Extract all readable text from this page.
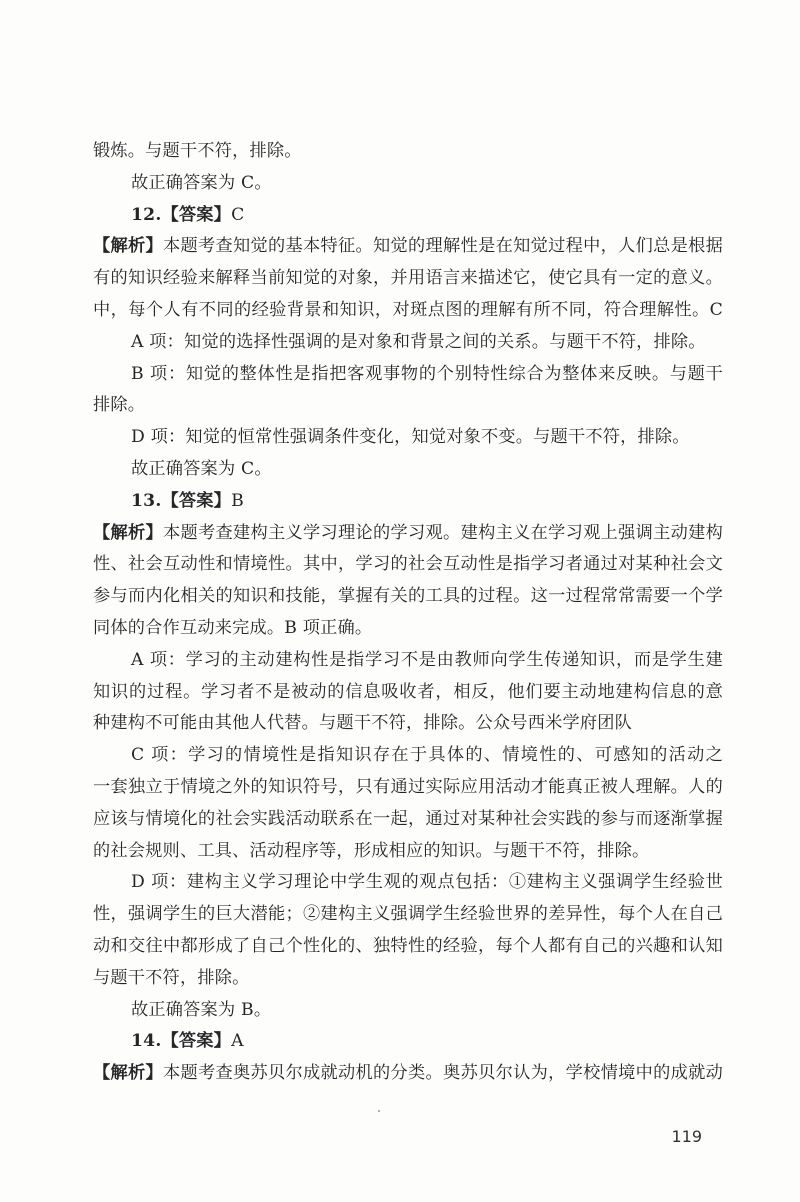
锻炼。与题干不符，排除。
故正确答案为 C。
12.【答案】C
【解析】本题考查知觉的基本特征。知觉的理解性是在知觉过程中，人们总是根据
有的知识经验来解释当前知觉的对象，并用语言来描述它，使它具有一定的意义。
中，每个人有不同的经验背景和知识，对斑点图的理解有所不同，符合理解性。C
A 项：知觉的选择性强调的是对象和背景之间的关系。与题干不符，排除。
B 项：知觉的整体性是指把客观事物的个别特性综合为整体来反映。与题干
排除。
D 项：知觉的恒常性强调条件变化，知觉对象不变。与题干不符，排除。
故正确答案为 C。
13.【答案】B
【解析】本题考查建构主义学习理论的学习观。建构主义在学习观上强调主动建构
性、社会互动性和情境性。其中，学习的社会互动性是指学习者通过对某种社会文
参与而内化相关的知识和技能，掌握有关的工具的过程。这一过程常常需要一个学
同体的合作互动来完成。B 项正确。
A 项：学习的主动建构性是指学习不是由教师向学生传递知识，而是学生建
知识的过程。学习者不是被动的信息吸收者，相反，他们要主动地建构信息的意
种建构不可能由其他人代替。与题干不符，排除。公众号西米学府团队
C 项：学习的情境性是指知识存在于具体的、情境性的、可感知的活动之
一套独立于情境之外的知识符号，只有通过实际应用活动才能真正被人理解。人的
应该与情境化的社会实践活动联系在一起，通过对某种社会实践的参与而逐渐掌握
的社会规则、工具、活动程序等，形成相应的知识。与题干不符，排除。
D 项：建构主义学习理论中学生观的观点包括：①建构主义强调学生经验世
性，强调学生的巨大潜能；②建构主义强调学生经验世界的差异性，每个人在自己
动和交往中都形成了自己个性化的、独特性的经验，每个人都有自己的兴趣和认知
与题干不符，排除。
故正确答案为 B。
14.【答案】A
【解析】本题考查奥苏贝尔成就动机的分类。奥苏贝尔认为，学校情境中的成就动
119
